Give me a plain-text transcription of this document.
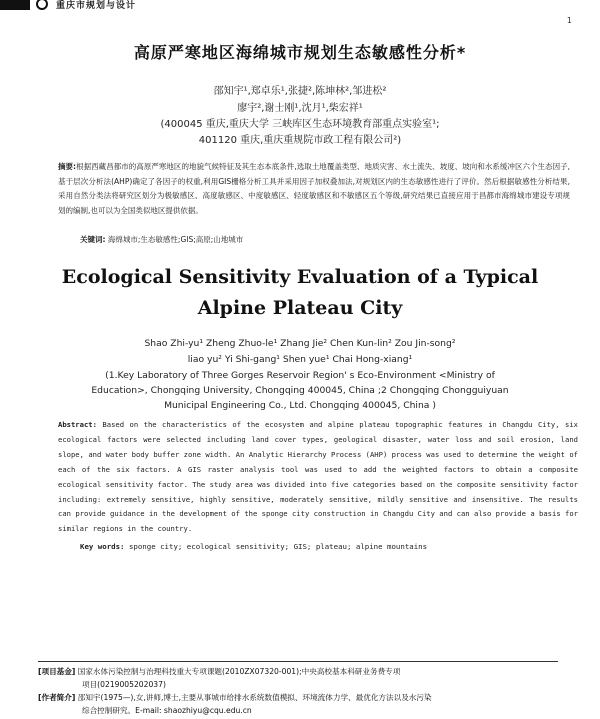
重庆市规划与设计
1
高原严寒地区海绵城市规划生态敏感性分析*
邵知宇¹,郑卓乐¹,张捷²,陈坤林²,邹进松²
廖宇²,谢士刚¹,沈月¹,柴宏祥¹
(400045 重庆,重庆大学 三峡库区生态环境教育部重点实验室¹;
401120 重庆,重庆重规院市政工程有限公司²)
摘要:根据西藏昌都市的高原严寒地区的地貌气候特征及其生态本底条件,选取土地覆盖类型、地质灾害、水土流失、坡度、坡向和水系缓冲区六个生态因子,基于层次分析法(AHP)确定了各因子的权重,利用GIS栅格分析工具并采用因子加权叠加法,对规划区内的生态敏感性进行了评价。然后根据敏感性分析结果,采用自然分类法将研究区划分为极敏感区、高度敏感区、中度敏感区、轻度敏感区和不敏感区五个等级,研究结果已直接应用于昌都市海绵城市建设专项规划的编制,也可以为全国类似地区提供依据。
关键词: 海绵城市;生态敏感性;GIS;高原;山地城市
Ecological Sensitivity Evaluation of a Typical
Alpine Plateau City
Shao Zhi-yu¹ Zheng Zhuo-le¹ Zhang Jie² Chen Kun-lin² Zou Jin-song²
liao yu² Yi Shi-gang¹ Shen yue¹ Chai Hong-xiang¹
(1.Key Laboratory of Three Gorges Reservoir Region' s Eco-Environment <Ministry of
Education>, Chongqing University, Chongqing 400045, China ;2 Chongqing Chongguiyuan
Municipal Engineering Co., Ltd. Chongqing 400045, China )
Abstract: Based on the characteristics of the ecosystem and alpine plateau topographic features in Changdu City, six ecological factors were selected including land cover types, geological disaster, water loss and soil erosion, land slope, and water body buffer zone width. An Analytic Hierarchy Process (AHP) process was used to determine the weight of each of the six factors. A GIS raster analysis tool was used to add the weighted factors to obtain a composite ecological sensitivity factor. The study area was divided into five categories based on the composite sensitivity factor including: extremely sensitive, highly sensitive, moderately sensitive, mildly sensitive and insensitive. The results can provide guidance in the development of the sponge city construction in Changdu City and can also provide a basis for similar regions in the country.
Key words: sponge city; ecological sensitivity; GIS; plateau; alpine mountains
[项目基金] 国家水体污染控制与治理科技重大专项课题(2010ZX07320-001);中央高校基本科研业务费专项
项目(0219005202037)
[作者简介] 邵知宇(1975—),女,讲师,博士,主要从事城市给排水系统数值模拟、环境流体力学、最优化方法以及水污染
综合控制研究。E-mail: shaozhiyu@cqu.edu.cn
